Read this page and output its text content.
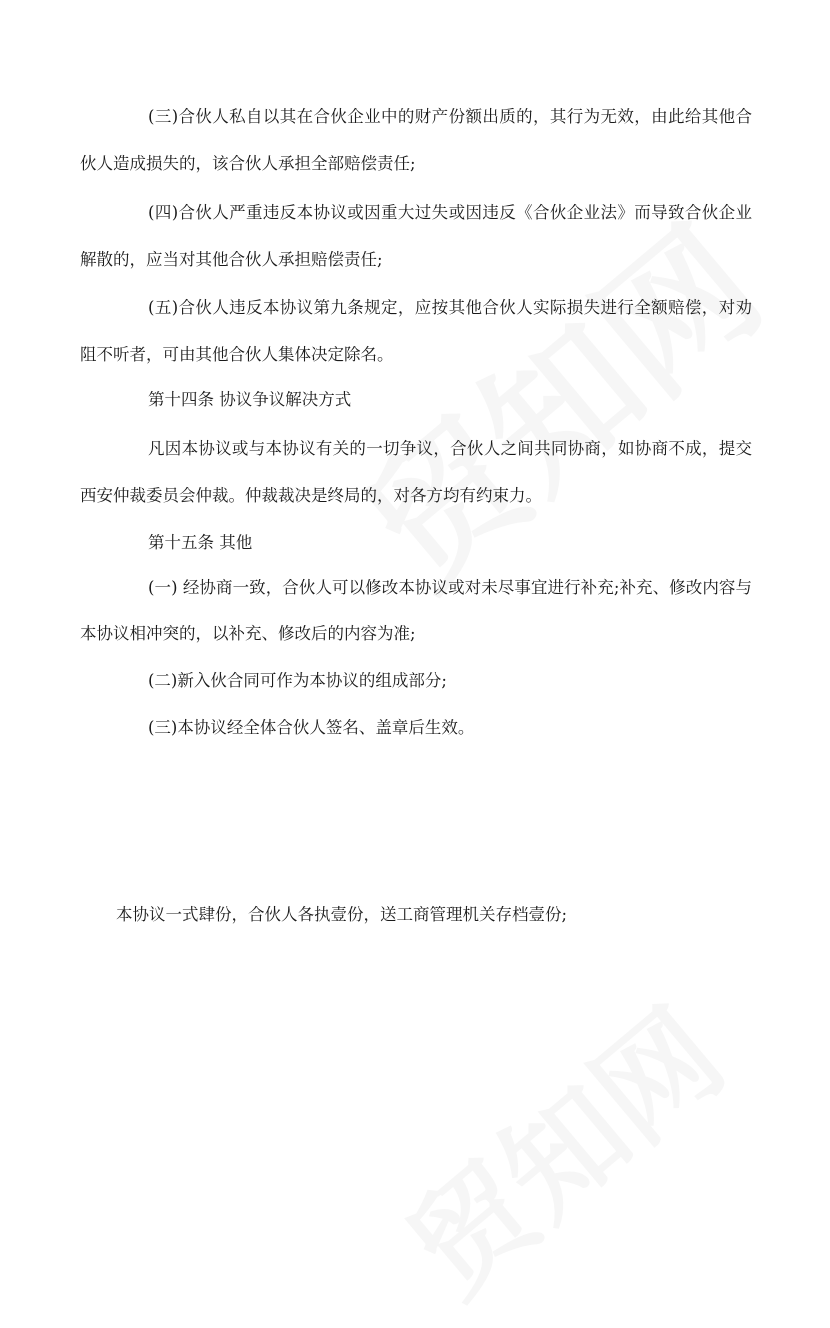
(三)合伙人私自以其在合伙企业中的财产份额出质的，其行为无效，由此给其他合
伙人造成损失的，该合伙人承担全部赔偿责任;
(四)合伙人严重违反本协议或因重大过失或因违反《合伙企业法》而导致合伙企业
解散的，应当对其他合伙人承担赔偿责任;
(五)合伙人违反本协议第九条规定，应按其他合伙人实际损失进行全额赔偿，对劝
阻不听者，可由其他合伙人集体决定除名。
第十四条 协议争议解决方式
凡因本协议或与本协议有关的一切争议，合伙人之间共同协商，如协商不成，提交
西安仲裁委员会仲裁。仲裁裁决是终局的，对各方均有约束力。
第十五条 其他
(一) 经协商一致，合伙人可以修改本协议或对未尽事宜进行补充;补充、修改内容与
本协议相冲突的，以补充、修改后的内容为准;
(二)新入伙合同可作为本协议的组成部分;
(三)本协议经全体合伙人签名、盖章后生效。
本协议一式肆份，合伙人各执壹份，送工商管理机关存档壹份;
